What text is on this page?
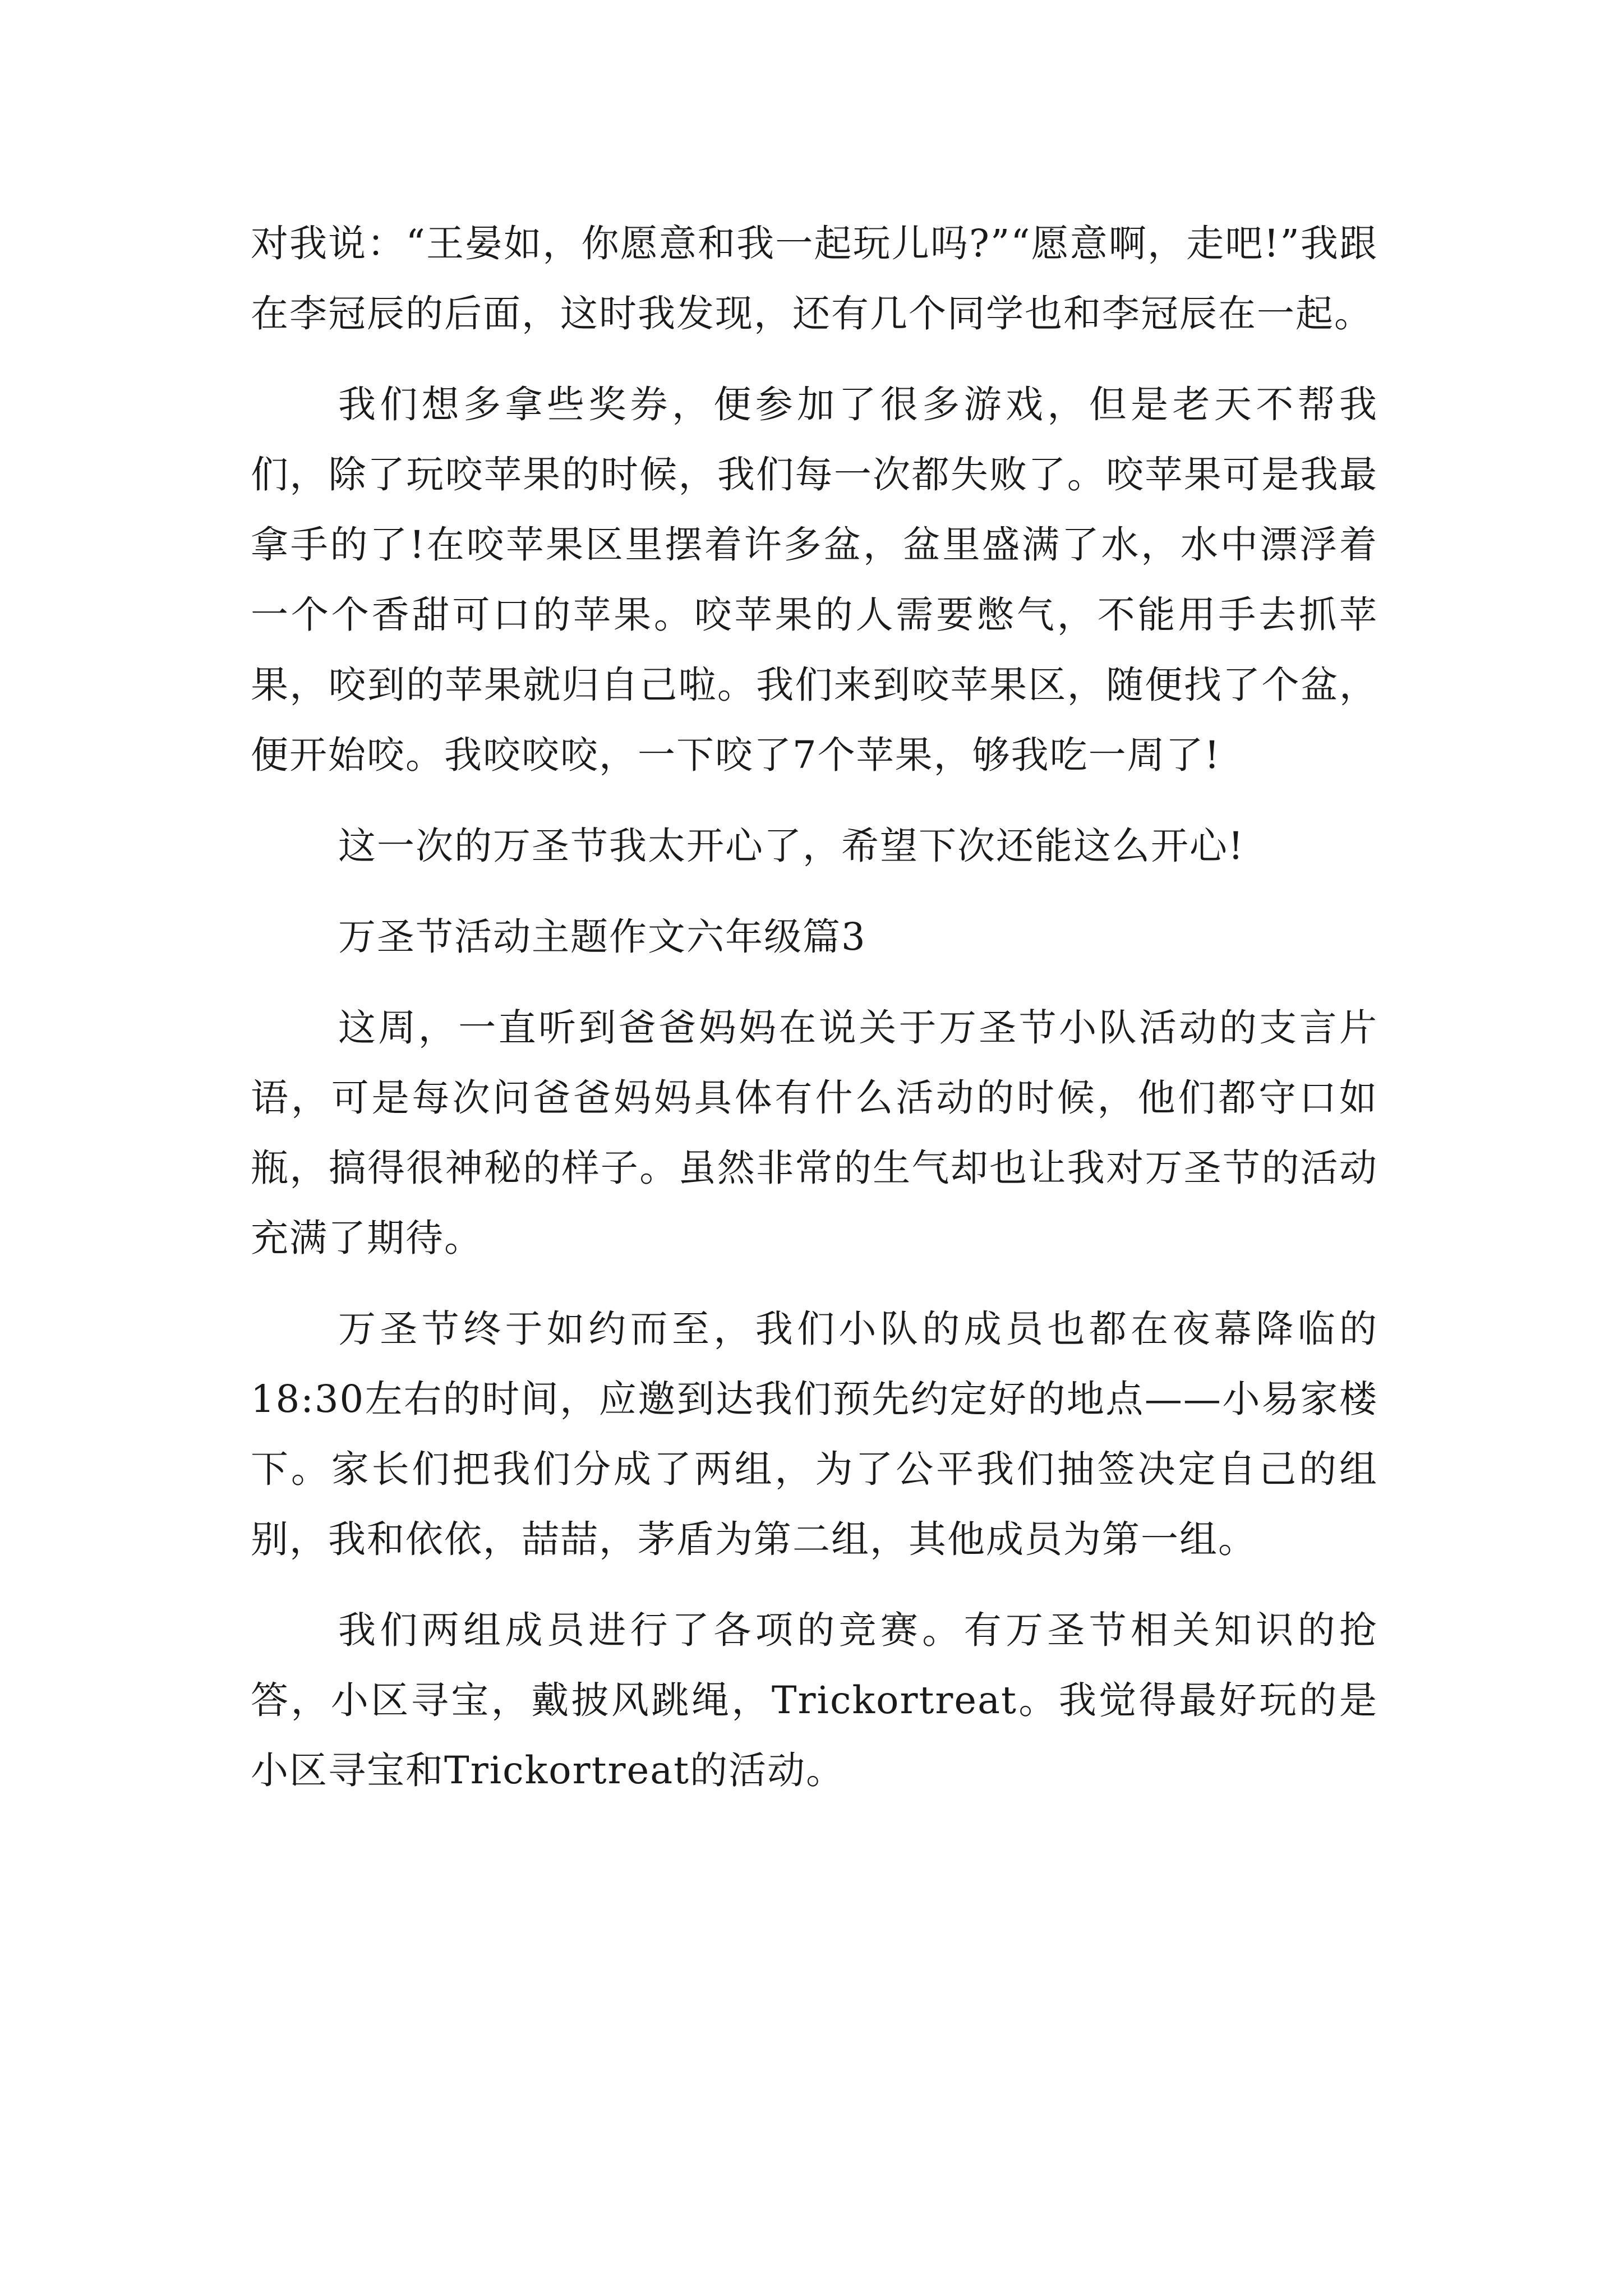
对我说：“王晏如，你愿意和我一起玩儿吗?”“愿意啊，走吧!”我跟在李冠辰的后面，这时我发现，还有几个同学也和李冠辰在一起。

我们想多拿些奖券，便参加了很多游戏，但是老天不帮我们，除了玩咬苹果的时候，我们每一次都失败了。咬苹果可是我最拿手的了!在咬苹果区里摆着许多盆，盆里盛满了水，水中漂浮着一个个香甜可口的苹果。咬苹果的人需要憋气，不能用手去抓苹果，咬到的苹果就归自己啦。我们来到咬苹果区，随便找了个盆，便开始咬。我咬咬咬，一下咬了7个苹果，够我吃一周了!

这一次的万圣节我太开心了，希望下次还能这么开心!

万圣节活动主题作文六年级篇3

这周，一直听到爸爸妈妈在说关于万圣节小队活动的支言片语，可是每次问爸爸妈妈具体有什么活动的时候，他们都守口如瓶，搞得很神秘的样子。虽然非常的生气却也让我对万圣节的活动充满了期待。

万圣节终于如约而至，我们小队的成员也都在夜幕降临的18:30左右的时间，应邀到达我们预先约定好的地点——小易家楼下。家长们把我们分成了两组，为了公平我们抽签决定自己的组别，我和依依，喆喆，茅盾为第二组，其他成员为第一组。

我们两组成员进行了各项的竞赛。有万圣节相关知识的抢答，小区寻宝，戴披风跳绳，Trickortreat。我觉得最好玩的是小区寻宝和Trickortreat的活动。
